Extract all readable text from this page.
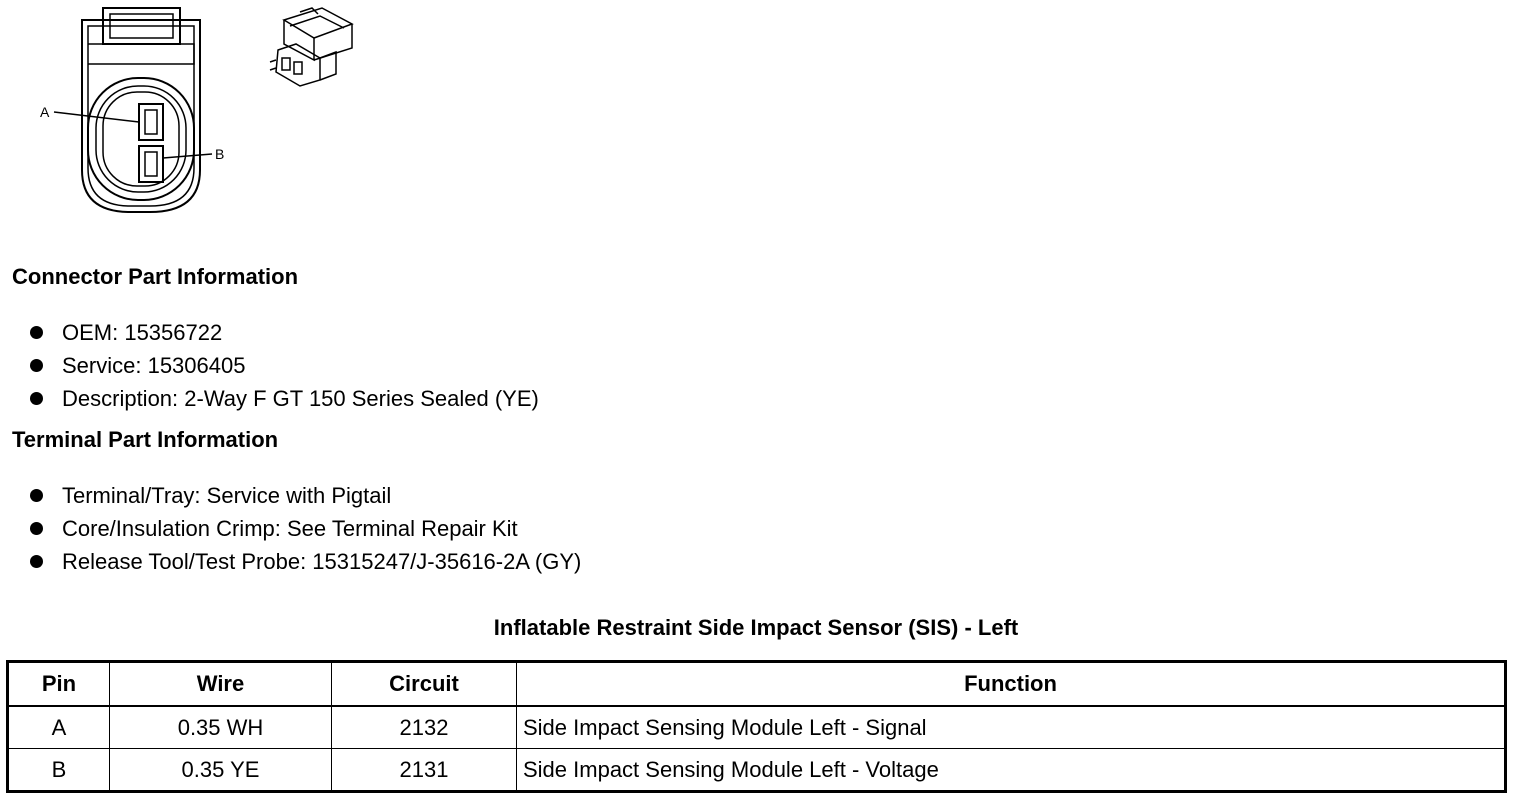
A
B
Connector Part Information
OEM: 15356722
Service: 15306405
Description: 2-Way F GT 150 Series Sealed (YE)
Terminal Part Information
Terminal/Tray: Service with Pigtail
Core/Insulation Crimp: See Terminal Repair Kit
Release Tool/Test Probe: 15315247/J-35616-2A (GY)
Inflatable Restraint Side Impact Sensor (SIS) - Left
Pin	Wire	Circuit	Function
A	0.35 WH	2132	Side Impact Sensing Module Left - Signal
B	0.35 YE	2131	Side Impact Sensing Module Left - Voltage
